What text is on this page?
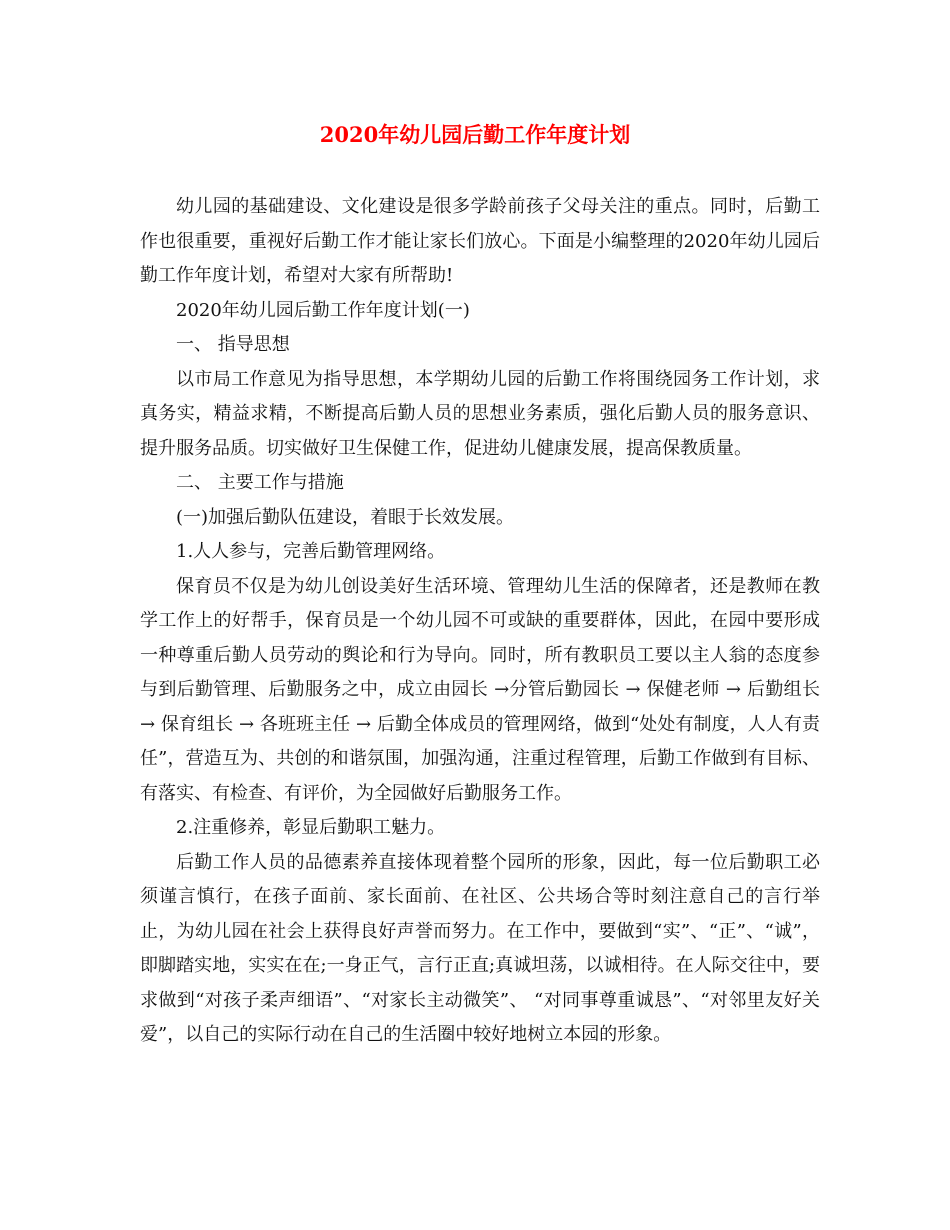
2020年幼儿园后勤工作年度计划

幼儿园的基础建设、文化建设是很多学龄前孩子父母关注的重点。同时，后勤工作也很重要，重视好后勤工作才能让家长们放心。下面是小编整理的2020年幼儿园后勤工作年度计划，希望对大家有所帮助!

2020年幼儿园后勤工作年度计划(一)

一、 指导思想

以市局工作意见为指导思想，本学期幼儿园的后勤工作将围绕园务工作计划，求真务实，精益求精，不断提高后勤人员的思想业务素质，强化后勤人员的服务意识、提升服务品质。切实做好卫生保健工作，促进幼儿健康发展，提高保教质量。

二、 主要工作与措施

(一)加强后勤队伍建设，着眼于长效发展。

1.人人参与，完善后勤管理网络。

保育员不仅是为幼儿创设美好生活环境、管理幼儿生活的保障者，还是教师在教学工作上的好帮手，保育员是一个幼儿园不可或缺的重要群体，因此，在园中要形成一种尊重后勤人员劳动的舆论和行为导向。同时，所有教职员工要以主人翁的态度参与到后勤管理、后勤服务之中，成立由园长 →分管后勤园长 → 保健老师 → 后勤组长 → 保育组长 → 各班班主任 → 后勤全体成员的管理网络，做到“处处有制度，人人有责任”，营造互为、共创的和谐氛围，加强沟通，注重过程管理，后勤工作做到有目标、有落实、有检查、有评价，为全园做好后勤服务工作。

2.注重修养，彰显后勤职工魅力。

后勤工作人员的品德素养直接体现着整个园所的形象，因此，每一位后勤职工必须谨言慎行，在孩子面前、家长面前、在社区、公共场合等时刻注意自己的言行举止，为幼儿园在社会上获得良好声誉而努力。在工作中，要做到“实”、“正”、“诚”，即脚踏实地，实实在在;一身正气，言行正直;真诚坦荡，以诚相待。在人际交往中，要求做到“对孩子柔声细语”、“对家长主动微笑”、 “对同事尊重诚恳”、“对邻里友好关爱”，以自己的实际行动在自己的生活圈中较好地树立本园的形象。
